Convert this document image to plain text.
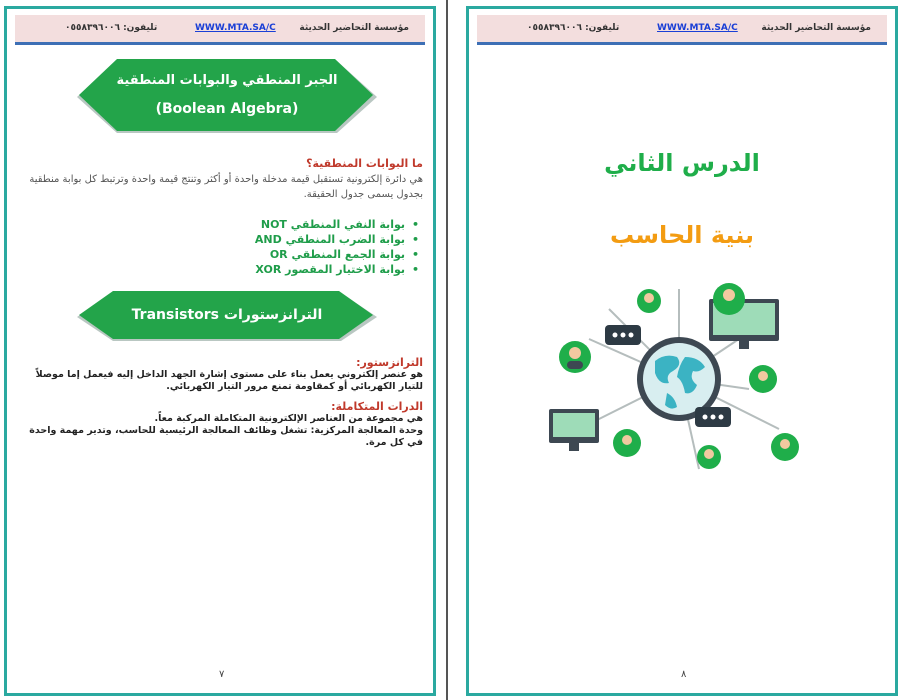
مؤسسة التحاضير الحديثة
WWW.MTA.SA/C
تليفون: ٠٥٥٨٣٩٦٠٠٦
الجبر المنطقي والبوابات المنطقية
(Boolean Algebra)
ما البوابات المنطقية؟
هي دائرة إلكترونية تستقبل قيمة مدخلة واحدة أو أكثر وتنتج قيمة واحدة وترتبط كل بوابة منطقية بجدول يسمى جدول الحقيقة.
• بوابة النفي المنطقي NOT
• بوابة الضرب المنطقي AND
• بوابة الجمع المنطقي OR
• بوابة الاختيار المقصور XOR
الترانزستورات Transistors
الترانزستور:
هو عنصر إلكتروني يعمل بناء على مستوى إشارة الجهد الداخل إليه فيعمل إما موصلاً للتيار الكهربائي أو كمقاومة تمنع مرور التيار الكهربائي.
الدرات المتكاملة:
هي مجموعة من العناصر الإلكترونية المتكاملة المركبة معاً.
وحدة المعالجة المركزية: تشغل وظائف المعالجة الرئيسية للحاسب، وتدير مهمة واحدة في كل مرة.
٧
مؤسسة التحاضير الحديثة
WWW.MTA.SA/C
تليفون: ٠٥٥٨٣٩٦٠٠٦
الدرس الثاني
بنية الحاسب
٨
